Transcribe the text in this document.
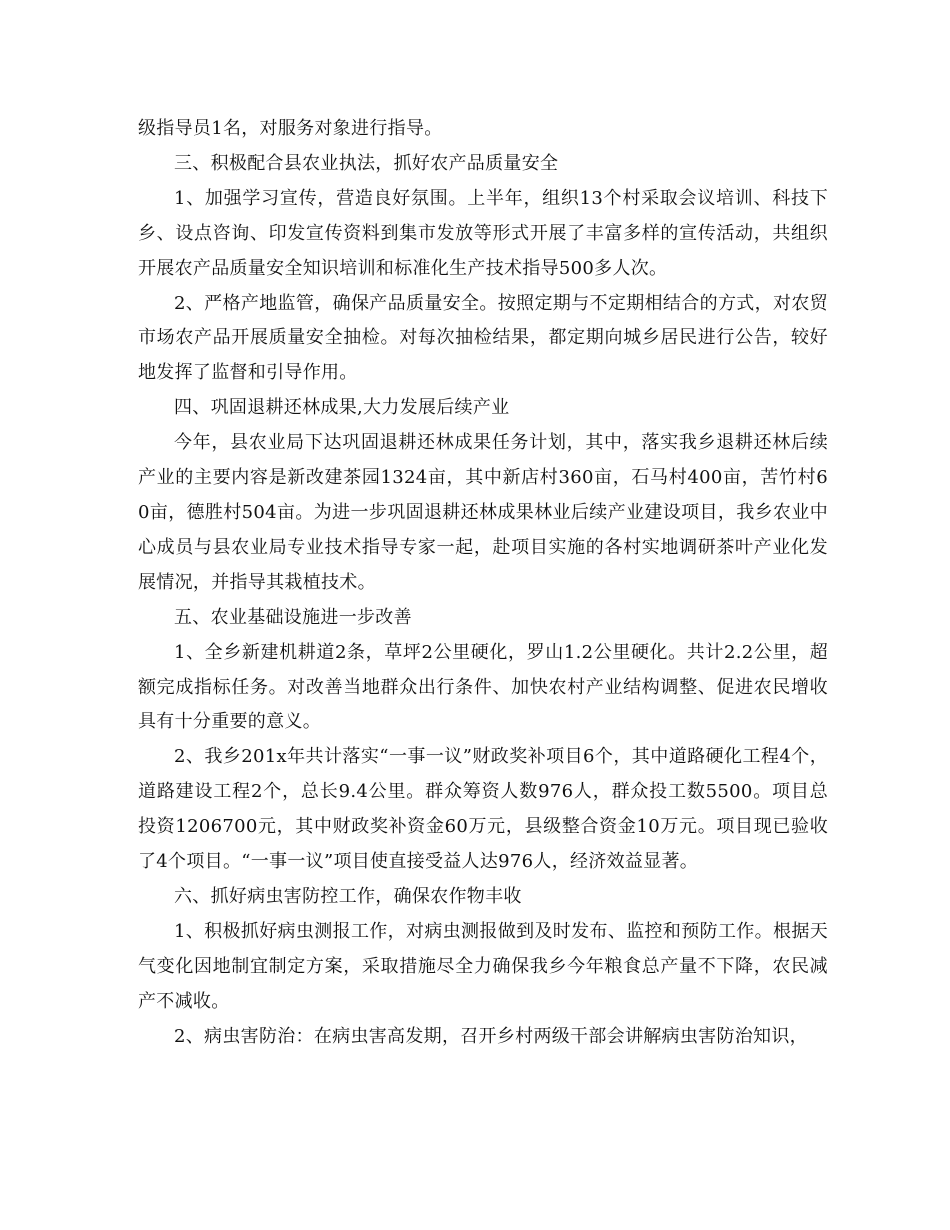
级指导员1名，对服务对象进行指导。

三、积极配合县农业执法，抓好农产品质量安全

1、加强学习宣传，营造良好氛围。上半年，组织13个村采取会议培训、科技下乡、设点咨询、印发宣传资料到集市发放等形式开展了丰富多样的宣传活动，共组织开展农产品质量安全知识培训和标准化生产技术指导500多人次。

2、严格产地监管，确保产品质量安全。按照定期与不定期相结合的方式，对农贸市场农产品开展质量安全抽检。对每次抽检结果，都定期向城乡居民进行公告，较好地发挥了监督和引导作用。

四、巩固退耕还林成果,大力发展后续产业

今年，县农业局下达巩固退耕还林成果任务计划，其中，落实我乡退耕还林后续产业的主要内容是新改建茶园1324亩，其中新店村360亩，石马村400亩，苦竹村60亩，德胜村504亩。为进一步巩固退耕还林成果林业后续产业建设项目，我乡农业中心成员与县农业局专业技术指导专家一起，赴项目实施的各村实地调研茶叶产业化发展情况，并指导其栽植技术。

五、农业基础设施进一步改善

1、全乡新建机耕道2条，草坪2公里硬化，罗山1.2公里硬化。共计2.2公里，超额完成指标任务。对改善当地群众出行条件、加快农村产业结构调整、促进农民增收具有十分重要的意义。

2、我乡201x年共计落实“一事一议”财政奖补项目6个，其中道路硬化工程4个，道路建设工程2个，总长9.4公里。群众筹资人数976人，群众投工数5500。项目总投资1206700元，其中财政奖补资金60万元，县级整合资金10万元。项目现已验收了4个项目。“一事一议”项目使直接受益人达976人，经济效益显著。

六、抓好病虫害防控工作，确保农作物丰收

1、积极抓好病虫测报工作，对病虫测报做到及时发布、监控和预防工作。根据天气变化因地制宜制定方案，采取措施尽全力确保我乡今年粮食总产量不下降，农民减产不减收。

2、病虫害防治：在病虫害高发期，召开乡村两级干部会讲解病虫害防治知识，
